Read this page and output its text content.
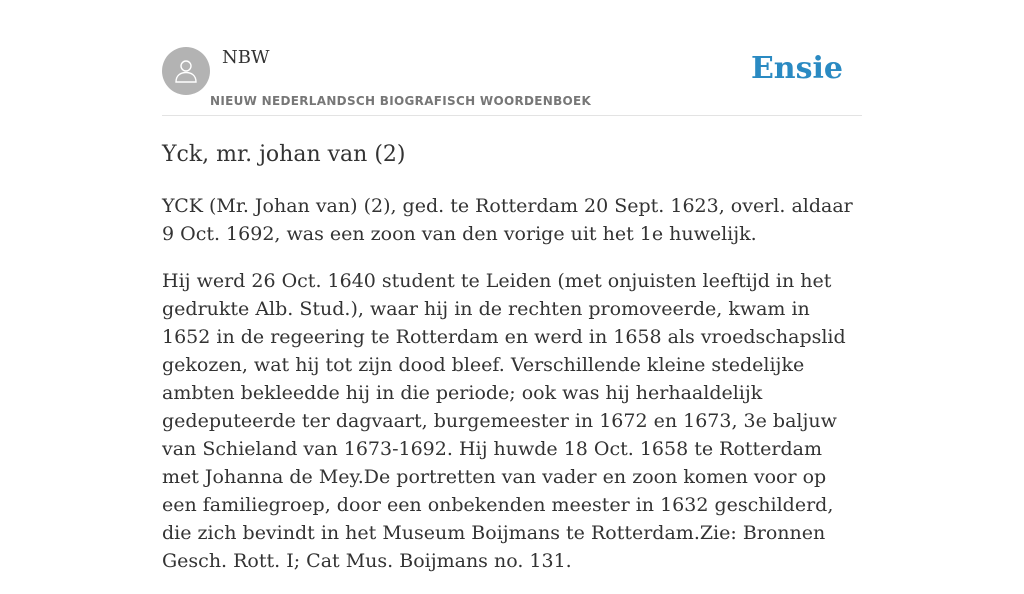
NBW
NIEUW NEDERLANDSCH BIOGRAFISCH WOORDENBOEK
Ensie
Yck, mr. johan van (2)

YCK (Mr. Johan van) (2), ged. te Rotterdam 20 Sept. 1623, overl. aldaar 9 Oct. 1692, was een zoon van den vorige uit het 1e huwelijk.

Hij werd 26 Oct. 1640 student te Leiden (met onjuisten leeftijd in het gedrukte Alb. Stud.), waar hij in de rechten promoveerde, kwam in 1652 in de regeering te Rotterdam en werd in 1658 als vroedschapslid gekozen, wat hij tot zijn dood bleef. Verschillende kleine stedelijke ambten bekleedde hij in die periode; ook was hij herhaaldelijk gedeputeerde ter dagvaart, burgemeester in 1672 en 1673, 3e baljuw van Schieland van 1673-1692. Hij huwde 18 Oct. 1658 te Rotterdam met Johanna de Mey.De portretten van vader en zoon komen voor op een familiegroep, door een onbekenden meester in 1632 geschilderd, die zich bevindt in het Museum Boijmans te Rotterdam.Zie: Bronnen Gesch. Rott. I; Cat Mus. Boijmans no. 131.
